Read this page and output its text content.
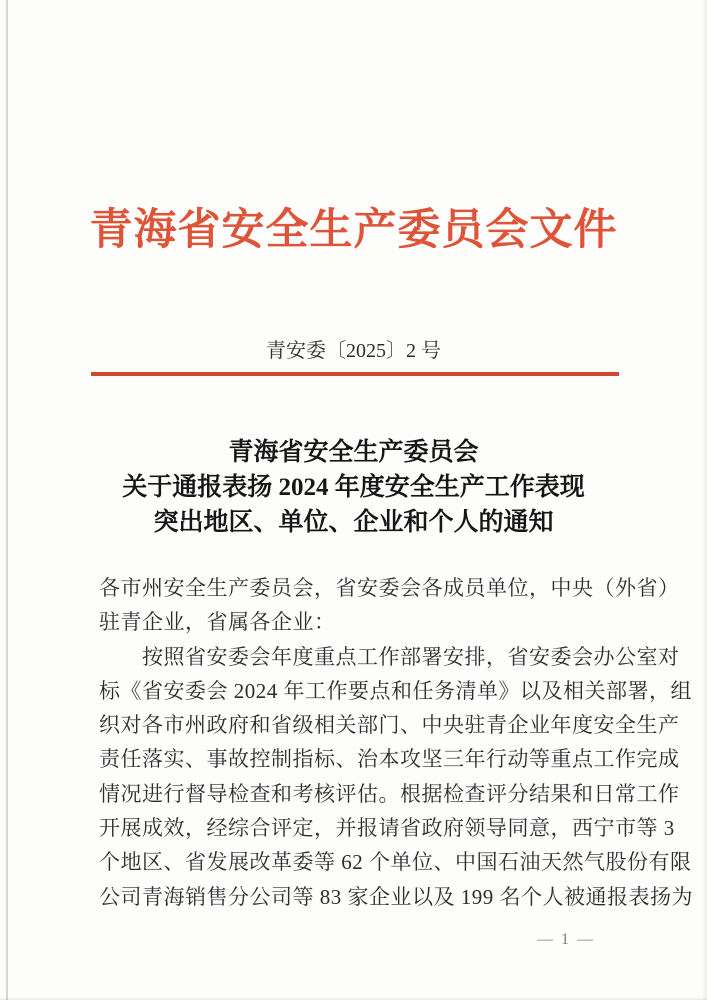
青海省安全生产委员会文件
青安委〔2025〕2 号
青海省安全生产委员会
关于通报表扬 2024 年度安全生产工作表现
突出地区、单位、企业和个人的通知

各市州安全生产委员会，省安委会各成员单位，中央（外省）

驻青企业，省属各企业：

按照省安委会年度重点工作部署安排，省安委会办公室对

标《省安委会 2024 年工作要点和任务清单》以及相关部署，组

织对各市州政府和省级相关部门、中央驻青企业年度安全生产

责任落实、事故控制指标、治本攻坚三年行动等重点工作完成

情况进行督导检查和考核评估。根据检查评分结果和日常工作

开展成效，经综合评定，并报请省政府领导同意，西宁市等 3

个地区、省发展改革委等 62 个单位、中国石油天然气股份有限

公司青海销售分公司等 83 家企业以及 199 名个人被通报表扬为

— 1 —
